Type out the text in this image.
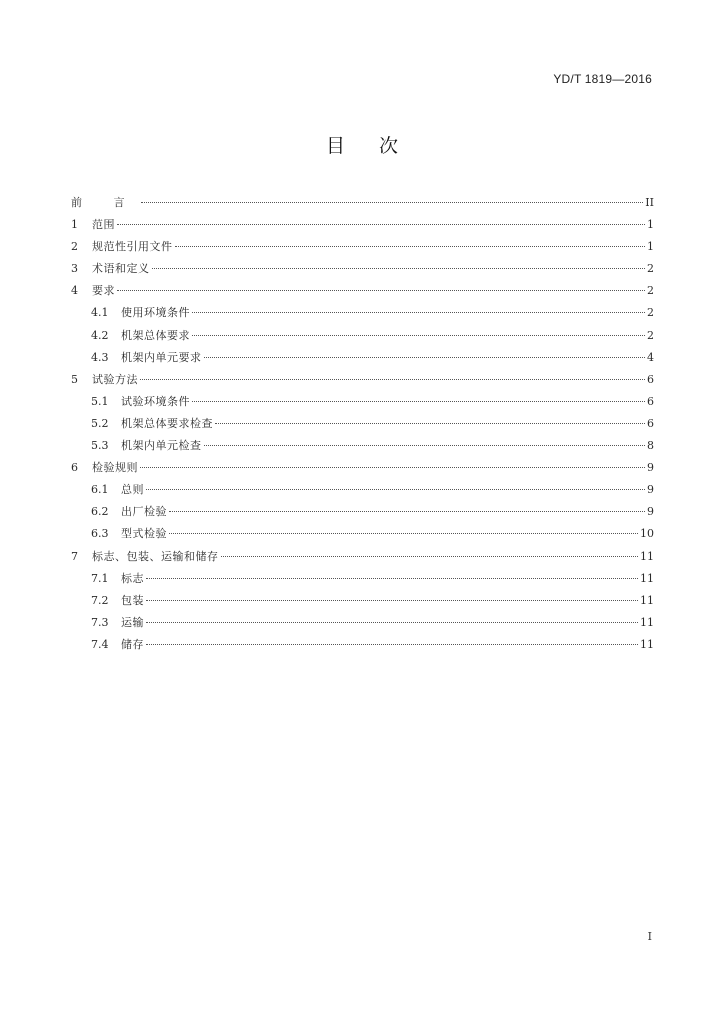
YD/T 1819—2016
目次
前 言	II
1	范围	1
2	规范性引用文件	1
3	术语和定义	2
4	要求	2
4.1	使用环境条件	2
4.2	机架总体要求	2
4.3	机架内单元要求	4
5	试验方法	6
5.1	试验环境条件	6
5.2	机架总体要求检查	6
5.3	机架内单元检查	8
6	检验规则	9
6.1	总则	9
6.2	出厂检验	9
6.3	型式检验	10
7	标志、包装、运输和储存	11
7.1	标志	11
7.2	包装	11
7.3	运输	11
7.4	储存	11
I
